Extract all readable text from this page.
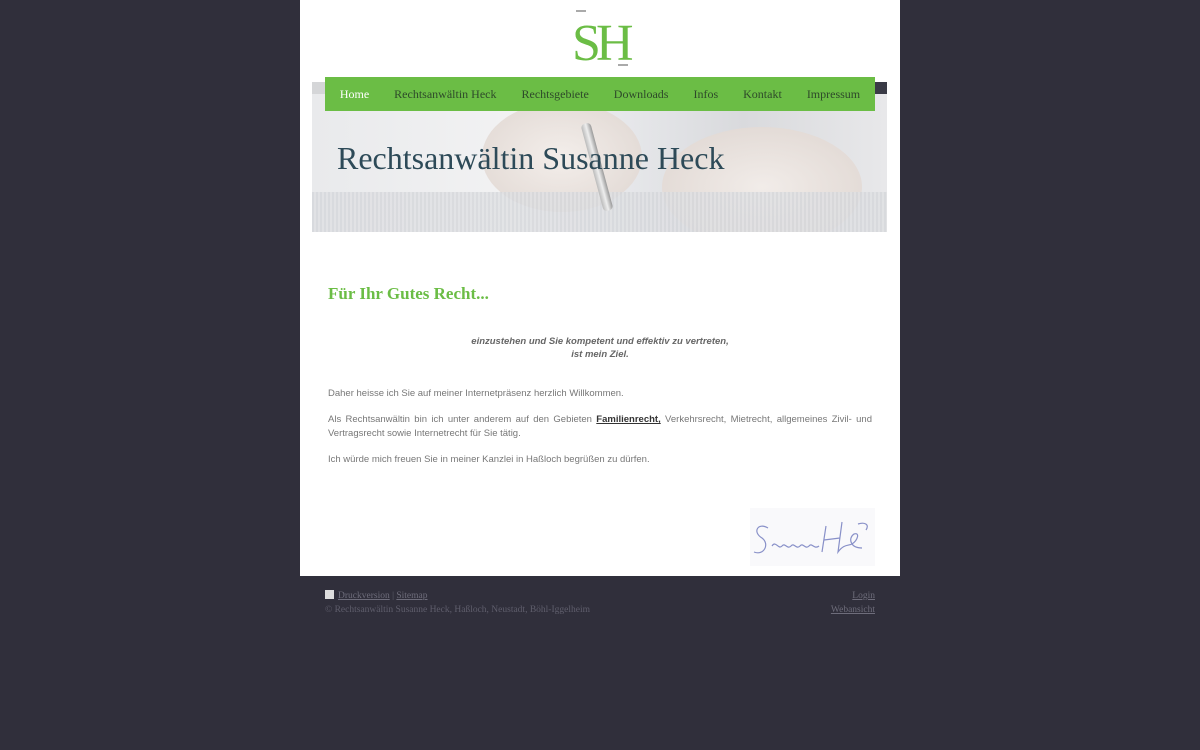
S
H
Rechtsanwältin Susanne Heck
Home	Rechtsanwältin Heck	Rechtsgebiete	Downloads	Infos	Kontakt	Impressum
Für Ihr Gutes Recht...
einzustehen und Sie kompetent und effektiv zu vertreten,
ist mein Ziel.

Daher heisse ich Sie auf meiner Internetpräsenz herzlich Willkommen.

Als Rechtsanwältin bin ich unter anderem auf den Gebieten Familienrecht, Verkehrsrecht, Mietrecht, allgemeines Zivil- und Vertragsrecht sowie Internetrecht für Sie tätig.

Ich würde mich freuen Sie in meiner Kanzlei in Haßloch begrüßen zu dürfen.

Druckversion | Sitemap
© Rechtsanwältin Susanne Heck, Haßloch, Neustadt, Böhl-Iggelheim
Login
Webansicht
